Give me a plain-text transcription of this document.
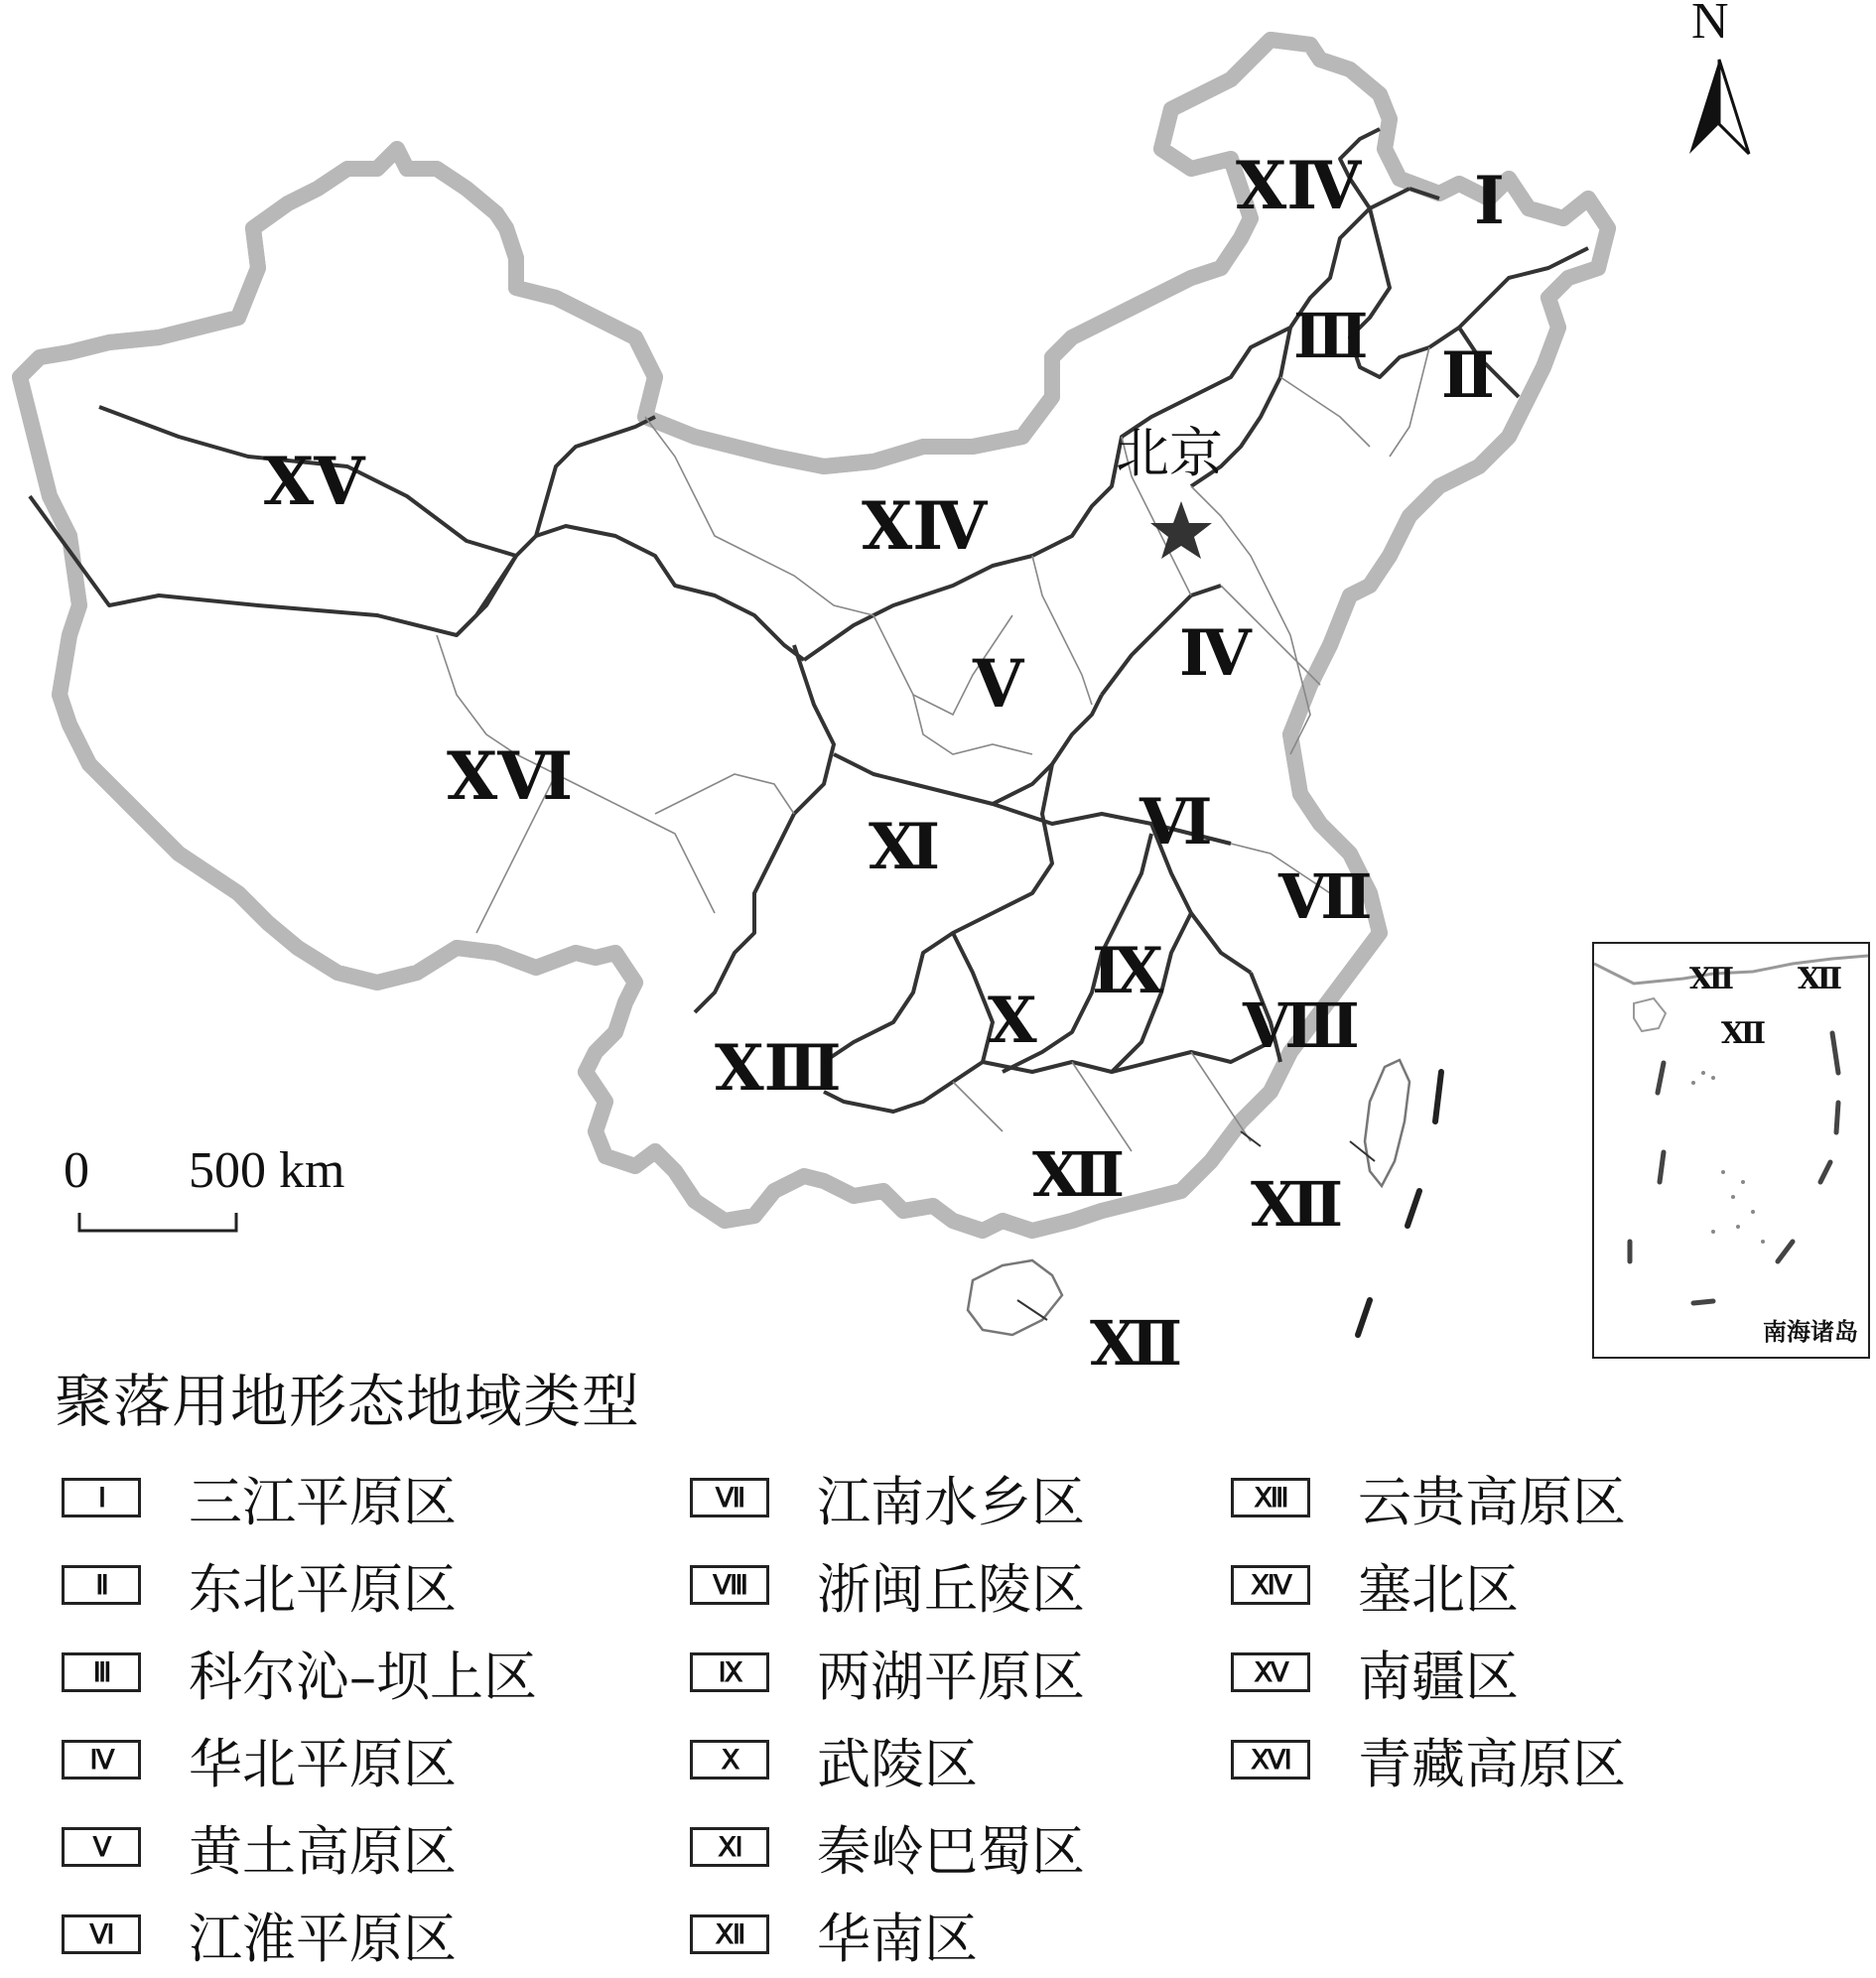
北京
ⅩⅣ Ⅰ
Ⅲ
Ⅱ
ⅩⅤ
ⅩⅣ
Ⅳ
Ⅴ
ⅩⅥ
Ⅵ
Ⅺ
Ⅶ
Ⅸ
Ⅹ	Ⅷ
ⅩⅢ
Ⅻ Ⅻ
Ⅻ
N
0 500 km
Ⅻ Ⅻ
Ⅻ
南海诸岛
聚落用地形态地域类型
Ⅰ	三江平原区
Ⅱ	东北平原区
Ⅲ	科尔沁–坝上区
Ⅳ	华北平原区
Ⅴ	黄土高原区
Ⅵ	江淮平原区
Ⅶ	江南水乡区
Ⅷ	浙闽丘陵区
Ⅸ	两湖平原区
Ⅹ	武陵区
Ⅺ	秦岭巴蜀区
Ⅻ	华南区
ⅩⅢ	云贵高原区
ⅩⅣ	塞北区
ⅩⅤ	南疆区
ⅩⅥ	青藏高原区
